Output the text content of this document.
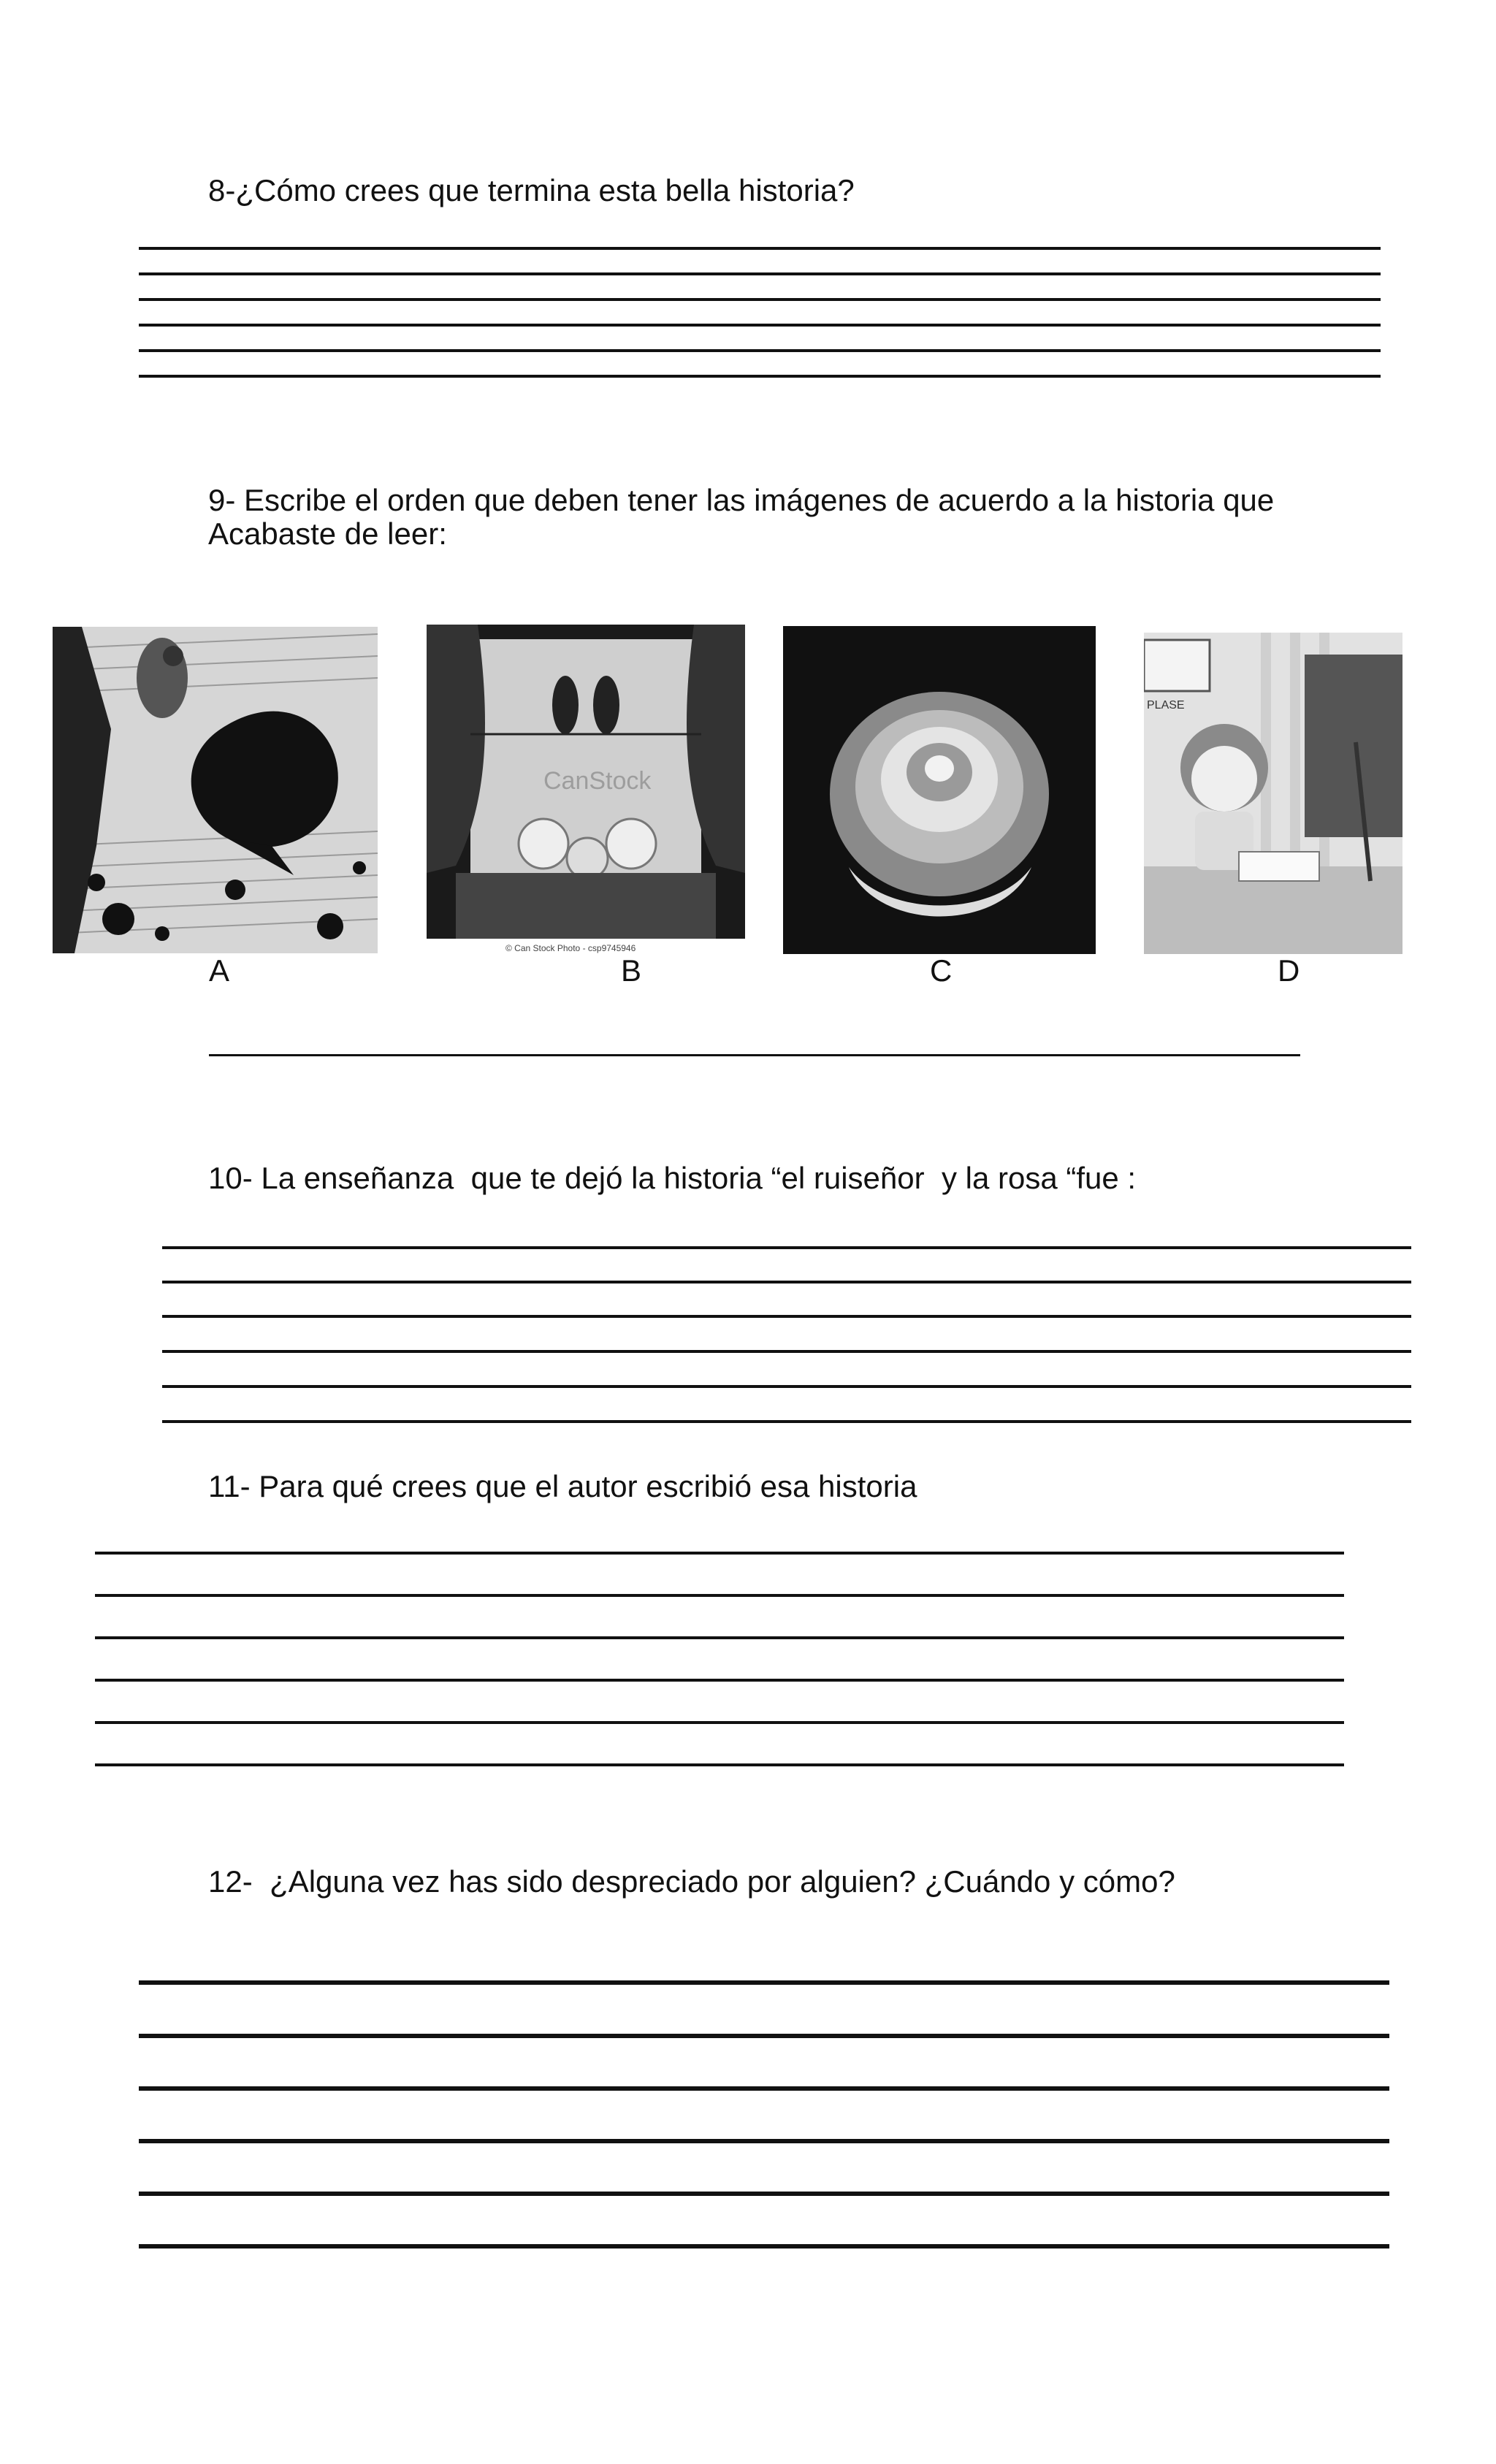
8-¿Cómo crees que termina esta bella historia?
9- Escribe el orden que deben tener las imágenes de acuerdo a la historia que
Acabaste de leer:
CanStock
© Can Stock Photo - csp9745946
PLASE
A	B	C	D
10- La enseñanza  que te dejó la historia “el ruiseñor  y la rosa “fue :
11- Para qué crees que el autor escribió esa historia
12-  ¿Alguna vez has sido despreciado por alguien? ¿Cuándo y cómo?
